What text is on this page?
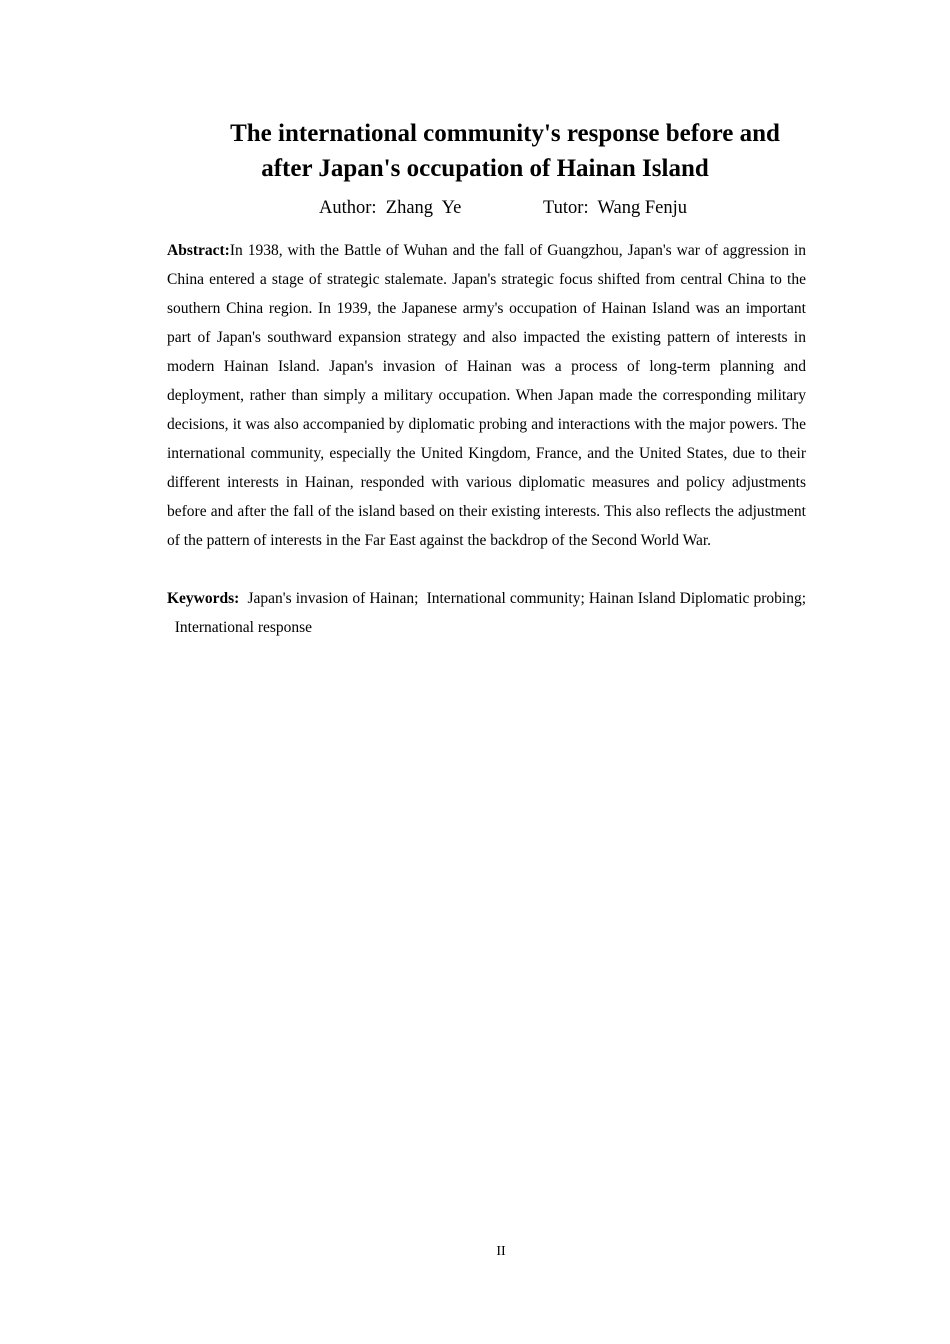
The international community's response before and
after Japan's occupation of Hainan Island
Author:  Zhang  Ye	Tutor:  Wang Fenju

Abstract:In 1938, with the Battle of Wuhan and the fall of Guangzhou, Japan's war of aggression in China entered a stage of strategic stalemate. Japan's strategic focus shifted from central China to the southern China region. In 1939, the Japanese army's occupation of Hainan Island was an important part of Japan's southward expansion strategy and also impacted the existing pattern of interests in modern Hainan Island. Japan's invasion of Hainan was a process of long-term planning and deployment, rather than simply a military occupation. When Japan made the corresponding military decisions, it was also accompanied by diplomatic probing and interactions with the major powers. The international community, especially the United Kingdom, France, and the United States, due to their different interests in Hainan, responded with various diplomatic measures and policy adjustments before and after the fall of the island based on their existing interests. This also reflects the adjustment of the pattern of interests in the Far East against the backdrop of the Second World War.

Keywords: Japan's invasion of Hainan; International community; Hainan Island Diplomatic probing;  International response

II
